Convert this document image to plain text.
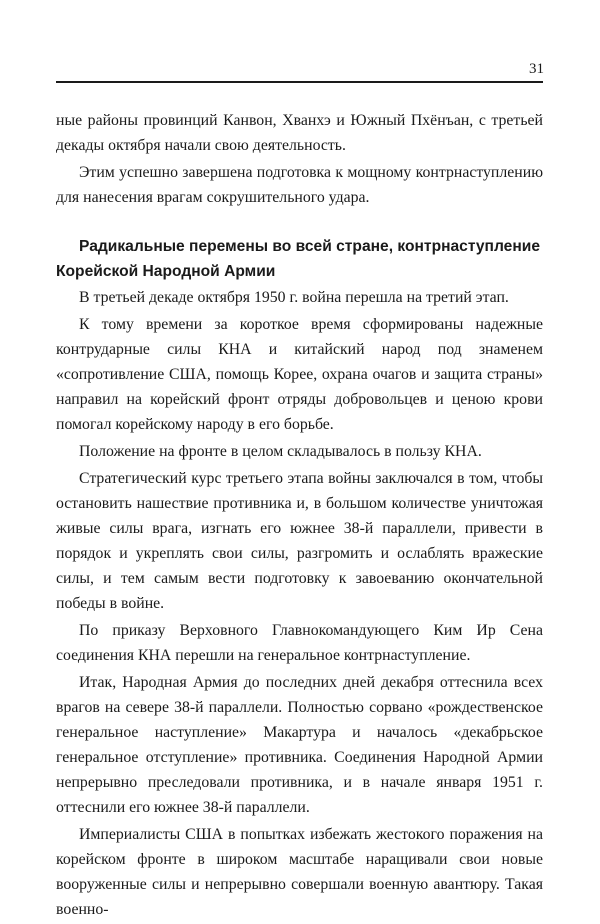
31

ные районы провинций Канвон, Хванхэ и Южный Пхёнъан, с третьей декады октября начали свою деятельность.

Этим успешно завершена подготовка к мощному контрнаступлению для нанесения врагам сокрушительного удара.

Радикальные перемены во всей стране, контрнаступление Корейской Народной Армии

В третьей декаде октября 1950 г. война перешла на третий этап.

К тому времени за короткое время сформированы надежные контрударные силы КНА и китайский народ под знаменем «сопротивление США, помощь Корее, охрана очагов и защита страны» направил на корейский фронт отряды добровольцев и ценою крови помогал корейскому народу в его борьбе.

Положение на фронте в целом складывалось в пользу КНА.

Стратегический курс третьего этапа войны заключался в том, чтобы остановить нашествие противника и, в большом количестве уничтожая живые силы врага, изгнать его южнее 38-й параллели, привести в порядок и укреплять свои силы, разгромить и ослаблять вражеские силы, и тем самым вести подготовку к завоеванию окончательной победы в войне.

По приказу Верховного Главнокомандующего Ким Ир Сена соединения КНА перешли на генеральное контрнаступление.

Итак, Народная Армия до последних дней декабря оттеснила всех врагов на севере 38-й параллели. Полностью сорвано «рождественское генеральное наступление» Макартура и началось «декабрьское генеральное отступление» противника. Соединения Народной Армии непрерывно преследовали противника, и в начале января 1951 г. оттеснили его южнее 38-й параллели.

Империалисты США в попытках избежать жестокого поражения на корейском фронте в широком масштабе наращивали свои новые вооруженные силы и непрерывно совершали военную авантюру. Такая военно-
